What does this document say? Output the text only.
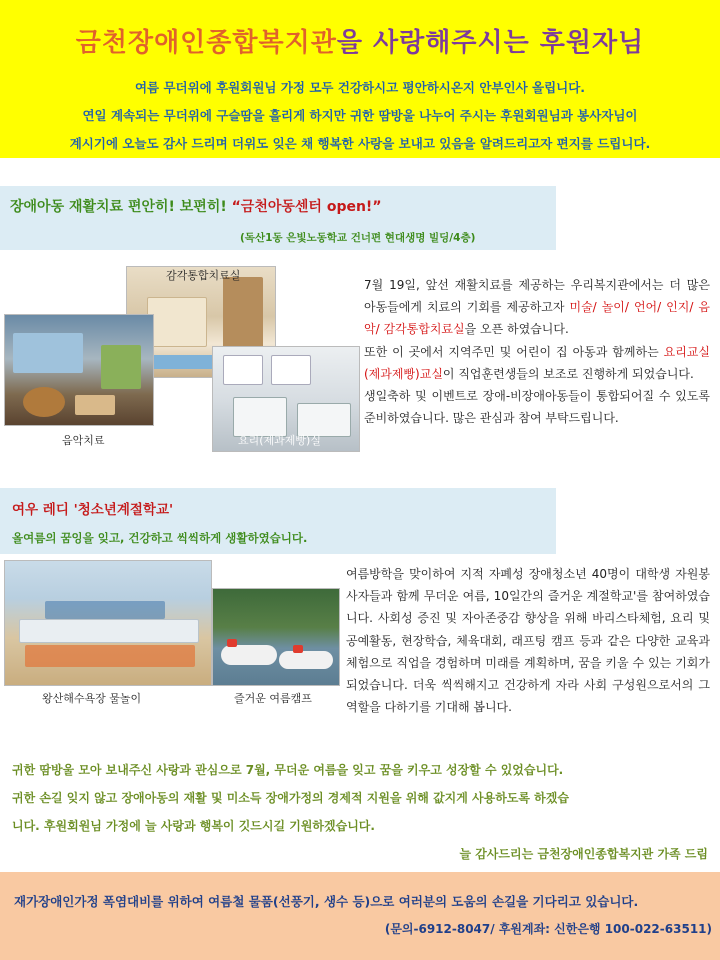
금천장애인종합복지관을 사랑해주시는 후원자님
여름 무더위에 후원회원님 가정 모두 건강하시고 평안하시온지 안부인사 올립니다.
연일 계속되는 무더위에 구슬땀을 흘리게 하지만 귀한 땀방울 나누어 주시는 후원회원님과 봉사자님이
계시기에 오늘도 감사 드리며 더위도 잊은 채 행복한 사랑을 보내고 있음을 알려드리고자 편지를 드립니다.
장애아동 재활치료 편안히! 보편히! “금천아동센터 open!”
(독산1동 은빛노동학교 건너편 현대생명 빌딩/4층)
감각통합치료실
음악치료	요리(제과제빵)실
7월 19일, 앞선 재활치료를 제공하는 우리복지관에서는 더 많은 아동들에게 치료의 기회를 제공하고자 미술/ 놀이/ 언어/ 인지/ 음악/ 감각통합치료실을 오픈 하였습니다.
또한 이 곳에서 지역주민 및 어린이 집 아동과 함께하는 요리교실(제과제빵)교실이 직업훈련생들의 보조로 진행하게 되었습니다.
생일축하 및 이벤트로 장애-비장애아동들이 통합되어질 수 있도록 준비하였습니다. 많은 관심과 참여 부탁드립니다.
여우 레디 '청소년계절학교'
올여름의 꿈잉을 잊고, 건강하고 씩씩하게 생활하였습니다.
왕산해수욕장 물놀이	즐거운 여름캠프
여름방학을 맞이하여 지적 자폐성 장애청소년 40명이 대학생 자원봉사자들과 함께 무더운 여름, 10일간의 즐거운 계절학교'를 참여하였습니다. 사회성 증진 및 자아존중감 향상을 위해 바리스타체험, 요리 및 공예활동, 현장학습, 체육대회, 래프팅 캠프 등과 같은 다양한 교육과 체험으로 직업을 경험하며 미래를 계획하며, 꿈을 키울 수 있는 기회가 되었습니다. 더욱 씩씩해지고 건강하게 자라 사회 구성원으로서의 그 역할을 다하기를 기대해 봅니다.
귀한 땀방울 모아 보내주신 사랑과 관심으로 7월, 무더운 여름을 잊고 꿈을 키우고 성장할 수 있었습니다.
귀한 손길 잊지 않고 장애아동의 재활 및 미소득 장애가정의 경제적 지원을 위해 값지게 사용하도록 하겠습
니다. 후원회원님 가정에 늘 사랑과 행복이 깃드시길 기원하겠습니다.
늘 감사드리는 금천장애인종합복지관 가족 드림
재가장애인가정 폭염대비를 위하여 여름철 물품(선풍기, 생수 등)으로 여러분의 도움의 손길을 기다리고 있습니다.
(문의-6912-8047/ 후원계좌: 신한은행 100-022-63511)
